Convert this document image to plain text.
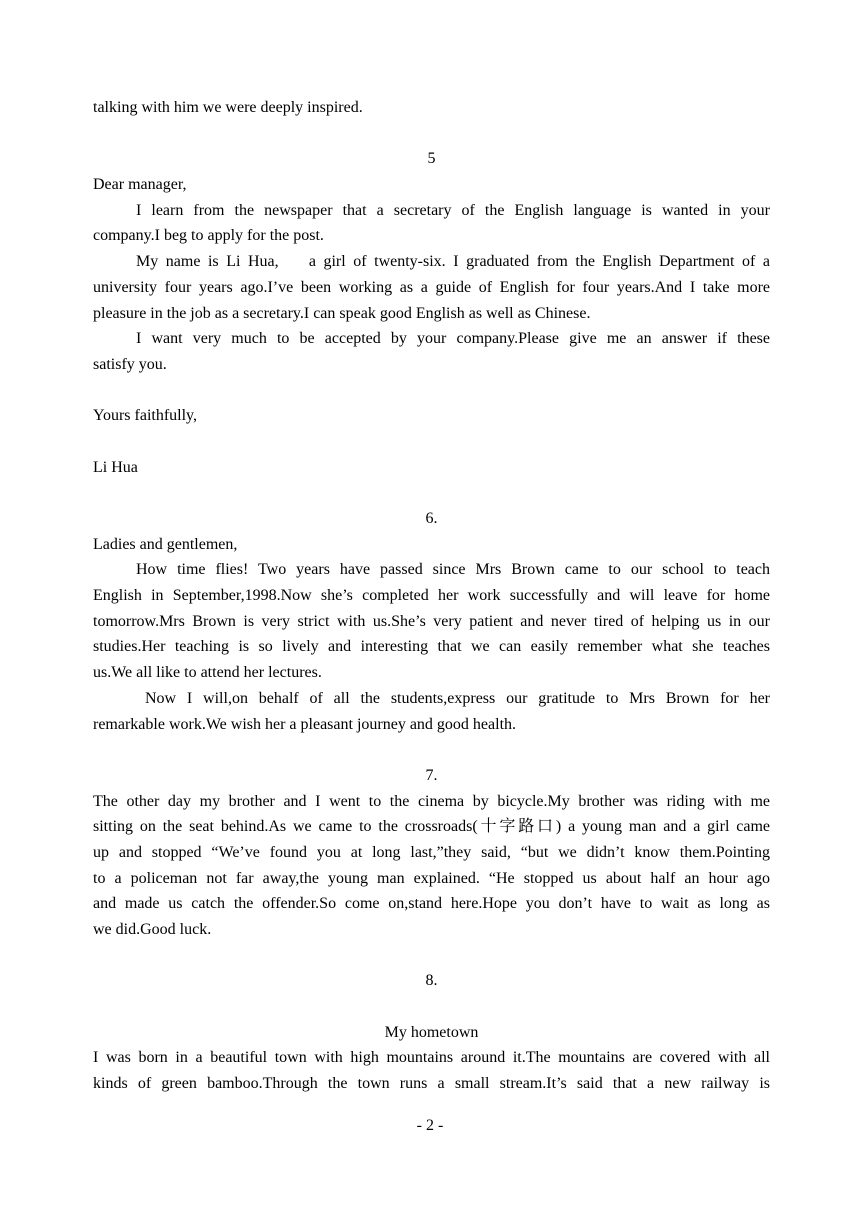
talking with him we were deeply inspired.
5
Dear manager,
I learn from the newspaper that a secretary of the English language is wanted in your
company.I beg to apply for the post.
My name is Li Hua,    a girl of twenty-six. I graduated from the English Department of a
university four years ago.I’ve been working as a guide of English for four years.And I take more
pleasure in the job as a secretary.I can speak good English as well as Chinese.
I want very much to be accepted by your company.Please give me an answer if these
satisfy you.
Yours faithfully,
Li Hua
6.
Ladies and gentlemen,
How time flies! Two years have passed since Mrs Brown came to our school to teach
English in September,1998.Now she’s completed her work successfully and will leave for home
tomorrow.Mrs Brown is very strict with us.She’s very patient and never tired of helping us in our
studies.Her teaching is so lively and interesting that we can easily remember what she teaches
us.We all like to attend her lectures.
Now I will,on behalf of all the students,express our gratitude to Mrs Brown for her
remarkable work.We wish her a pleasant journey and good health.
7.
The other day my brother and I went to the cinema by bicycle.My brother was riding with me
sitting on the seat behind.As we came to the crossroads(十字路口) a young man and a girl came
up and stopped “We’ve found you at long last,”they said, “but we didn’t know them.Pointing
to a policeman not far away,the young man explained. “He stopped us about half an hour ago
and made us catch the offender.So come on,stand here.Hope you don’t have to wait as long as
we did.Good luck.
8.
My hometown
I was born in a beautiful town with high mountains around it.The mountains are covered with all
kinds of green bamboo.Through the town runs a small stream.It’s said that a new railway is
- 2 -
